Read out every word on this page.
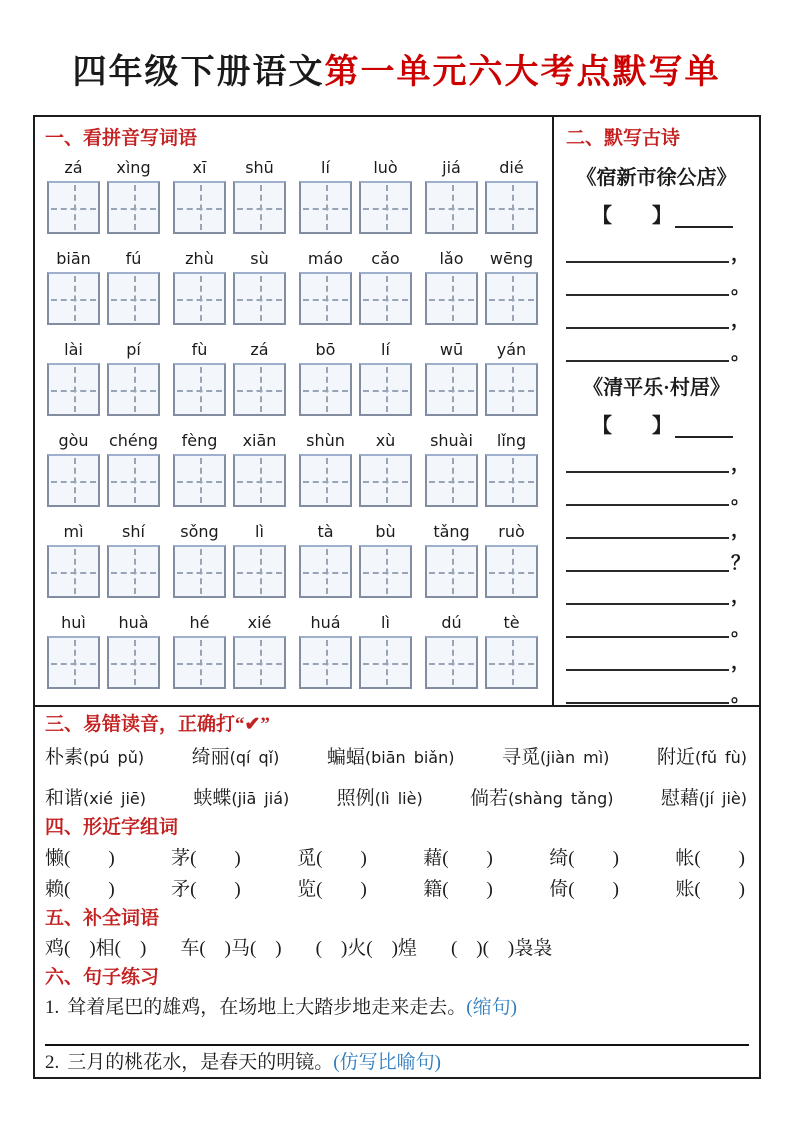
四年级下册语文第一单元六大考点默写单
一、看拼音写词语
zá	xìng	xī	shū	lí	luò	jiá	dié
biān	fú	zhù	sù	máo	cǎo	lǎo	wēng
lài	pí	fù	zá	bō	lí	wū	yán
gòu	chéng	fèng	xiān	shùn	xù	shuài	lǐng
mì	shí	sǒng	lì	tà	bù	tǎng	ruò
huì	huà	hé	xié	huá	lì	dú	tè
二、默写古诗
《宿新市徐公店》
【　　】
，
。
，
。
《清平乐·村居》
【　　】
，
。
，
？
，
。
，
。
三、易错读音，正确打“✔”
朴素(pú pǔ)	绮丽(qí qǐ)	蝙蝠(biān biǎn)	寻觅(jiàn mì)	附近(fǔ fù)
和谐(xié jiē) 蛱蝶(jiā jiá) 照例(lì liè) 倘若(shàng tǎng) 慰藉(jí jiè)
四、形近字组词
懒(　　)	茅(　　)	觅(　　)	藉(　　)	绮(　　)	帐(　　)
赖(　　)	矛(　　)	览(　　)	籍(　　)	倚(　　)	账(　　)
五、补全词语
鸡(　)相(　) 车(　)马(　) (　)火(　)煌 (　)(　)袅袅
六、句子练习
1. 耸着尾巴的雄鸡，在场地上大踏步地走来走去。(缩句)
2. 三月的桃花水，是春天的明镜。(仿写比喻句)
